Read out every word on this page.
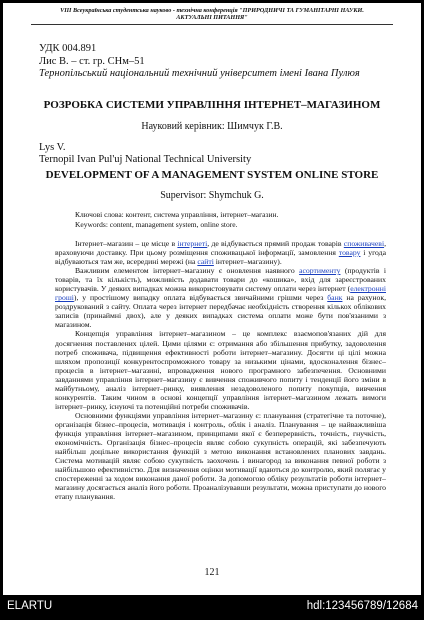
VIII Всеукраїнська студентська науково - технічна конференція "ПРИРОДНИЧІ ТА ГУМАНІТАРНІ НАУКИ.
АКТУАЛЬНІ ПИТАННЯ"
УДК 004.891
Лис В. – ст. гр. СНм–51
Тернопільський національний технічний університет імені Івана Пулюя
РОЗРОБКА СИСТЕМИ УПРАВЛІННЯ ІНТЕРНЕТ–МАГАЗИНОМ
Науковий керівник: Шимчук Г.В.
Lys V.
Ternopil Ivan Pul'uj National Technical University
DEVELOPMENT OF A MANAGEMENT SYSTEM ONLINE STORE
Supervisor: Shymchuk G.
Ключові слова: контент, система управління, інтернет–магазин.
Keywords: content, management system, online store.

Інтернет–магазин – це місце в інтернеті, де відбувається прямий продаж товарів споживачеві, враховуючи доставку. При цьому розміщення споживацької інформації, замовлення товару і угода відбуваються там же, всередині мережі (на сайті інтернет–магазину).

Важливим елементом інтернет–магазину є оновлення наявного асортименту (продуктів і товарів, та їх кількість), можливість додавати товари до «кошика», вхід для зареєстрованих користувачів. У деяких випадках можна використовувати систему оплати через інтернет (електронні гроші), у простішому випадку оплата відбувається звичайними грішми через банк на рахунок, роздрукований з сайту. Оплата через інтернет передбачає необхідність створення кількох облікових записів (принаймні двох), але у деяких випадках система оплати може бути пов'язаними з магазином.

Концепція управління інтернет–магазином – це комплекс взаємопов'язаних дій для досягнення поставлених цілей. Цими цілями є: отримання або збільшення прибутку, задоволення потреб споживача, підвищення ефективності роботи інтернет–магазину. Досягти ці цілі можна шляхом пропозиції конкурентоспроможного товару за низькими цінами, вдосконалення бізнес–процесів в інтернет–магазині, впровадження нового програмного забезпечення. Основними завданнями управління інтернет–магазину є вивчення споживчого попиту і тенденції його зміни в майбутньому, аналіз інтернет–ринку, виявлення незадоволеного попиту покупців, вивчення конкурентів. Таким чином в основі концепції управління інтернет–магазином лежать вимоги інтернет–ринку, існуючі та потенційні потреби споживачів.

Основними функціями управління інтернет–магазину є: планування (стратегічне та поточне), організація бізнес–процесів, мотивація і контроль, облік і аналіз. Планування – це найважливіша функція управління інтернет–магазином, принципами якої є безперервність, точність, гнучкість, економічність. Організація бізнес–процесів являє собою сукупність операцій, які забезпечують найбільш доцільне використання функцій з метою виконання встановлених планових завдань. Система мотивацій являє собою сукупність заохочень і винагород за виконання певної роботи з найбільшою ефективністю. Для визначення оцінки мотивації вдаються до контролю, який полягає у спостереженні за ходом виконання даної роботи. За допомогою обліку результатів роботи інтернет–магазину досягається аналіз його роботи. Проаналізувавши результати, можна приступати до нового етапу планування.

121
ELARTU	hdl:123456789/12684
